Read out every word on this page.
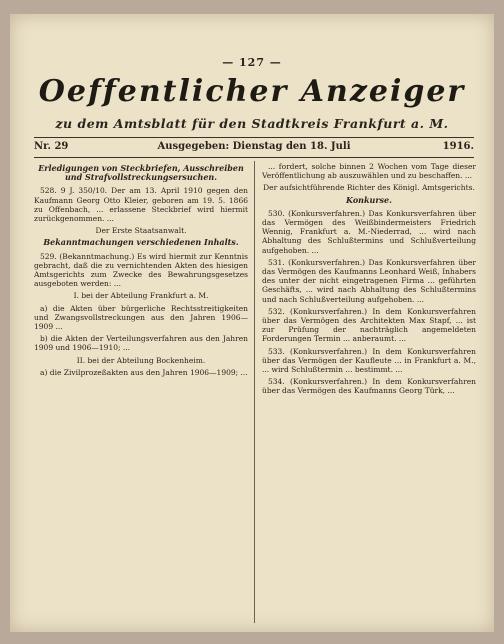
— 127 —
Oeffentlicher Anzeiger
zu dem Amtsblatt für den Stadtkreis Frankfurt a. M.
Nr. 29	Ausgegeben: Dienstag den 18. Juli	1916.

Erledigungen von Steckbriefen, Ausschreiben und Strafvollstreckungsersuchen.

528. 9 J. 350/10. Der am 13. April 1910 gegen den Kaufmann Georg Otto Kleier, geboren am 19. 5. 1866 zu Offenbach, ... erlassene Steckbrief wird hiermit zurückgenommen. ...

Der Erste Staatsanwalt.

Bekanntmachungen verschiedenen Inhalts.

529. (Bekanntmachung.) Es wird hiermit zur Kenntnis gebracht, daß die zu vernichtenden Akten des hiesigen Amtsgerichts zum Zwecke des Bewahrungsgesetzes ausgeboten werden: ...

I. bei der Abteilung Frankfurt a. M.

a) die Akten über bürgerliche Rechtsstreitigkeiten und Zwangsvollstreckungen aus den Jahren 1906—1909 ...

b) die Akten der Verteilungsverfahren aus den Jahren 1909 und 1906—1910; ...

II. bei der Abteilung Bockenheim.

a) die Zivilprozeßakten aus den Jahren 1906—1909; ...

... fordert, solche binnen 2 Wochen vom Tage dieser Veröffentlichung ab auszuwählen und zu beschaffen. ...

Der aufsichtführende Richter des Königl. Amtsgerichts.

Konkurse.

530. (Konkursverfahren.) Das Konkursverfahren über das Vermögen des Weißbindermeisters Friedrich Wennig, Frankfurt a. M.-Niederrad, ... wird nach Abhaltung des Schlußtermins und Schlußverteilung aufgehoben. ...

531. (Konkursverfahren.) Das Konkursverfahren über das Vermögen des Kaufmanns Leonhard Weiß, Inhabers des unter der nicht eingetragenen Firma ... geführten Geschäfts, ... wird nach Abhaltung des Schlußtermins und nach Schlußverteilung aufgehoben. ...

532. (Konkursverfahren.) In dem Konkursverfahren über das Vermögen des Architekten Max Stapf, ... ist zur Prüfung der nachträglich angemeldeten Forderungen Termin ... anberaumt. ...

533. (Konkursverfahren.) In dem Konkursverfahren über das Vermögen der Kaufleute ... in Frankfurt a. M., ... wird Schlußtermin ... bestimmt. ...

534. (Konkursverfahren.) In dem Konkursverfahren über das Vermögen des Kaufmanns Georg Türk, ...
